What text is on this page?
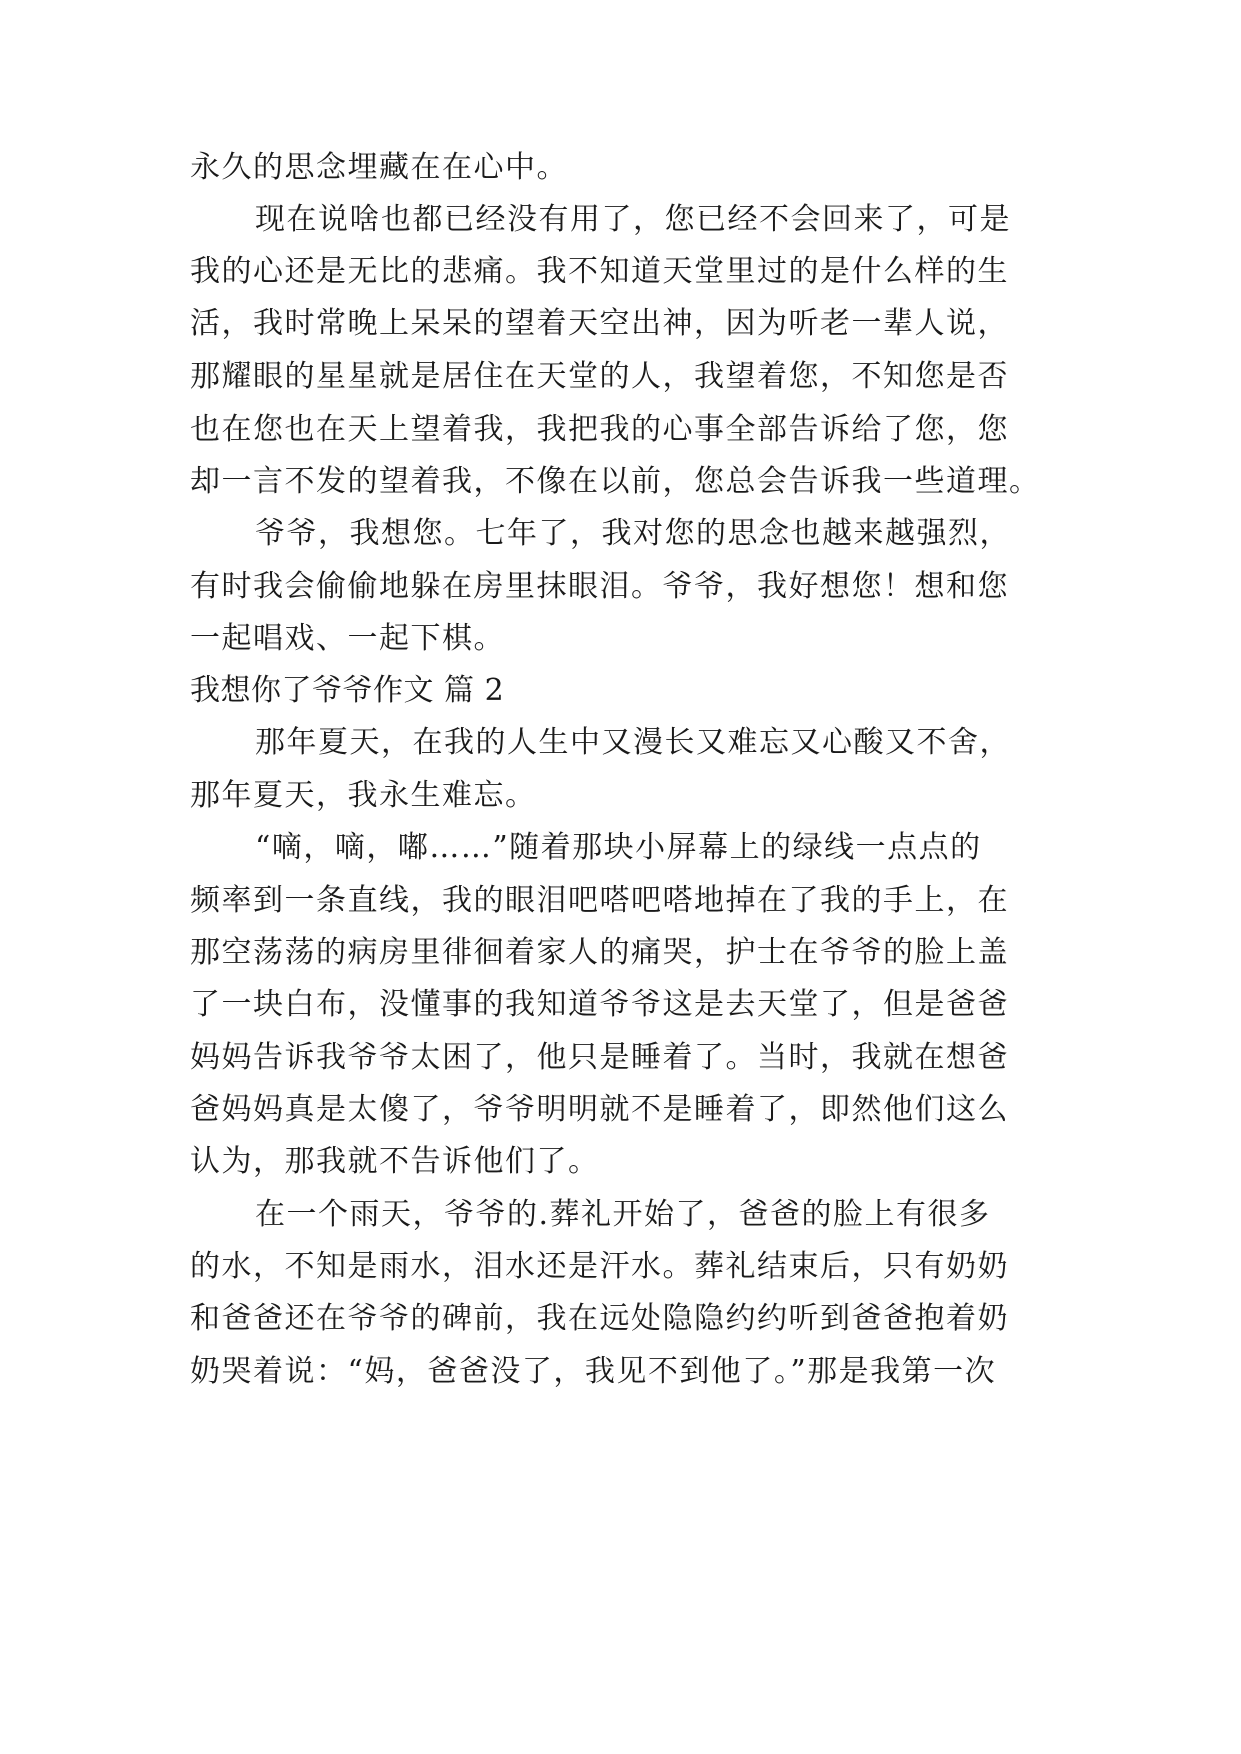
永久的思念埋藏在在心中。
现在说啥也都已经没有用了，您已经不会回来了，可是
我的心还是无比的悲痛。我不知道天堂里过的是什么样的生
活，我时常晚上呆呆的望着天空出神，因为听老一辈人说，
那耀眼的星星就是居住在天堂的人，我望着您，不知您是否
也在您也在天上望着我，我把我的心事全部告诉给了您，您
却一言不发的望着我，不像在以前，您总会告诉我一些道理。
爷爷，我想您。七年了，我对您的思念也越来越强烈，
有时我会偷偷地躲在房里抹眼泪。爷爷，我好想您！想和您
一起唱戏、一起下棋。
我想你了爷爷作文 篇 2
那年夏天，在我的人生中又漫长又难忘又心酸又不舍，
那年夏天，我永生难忘。
“嘀，嘀，嘟……”随着那块小屏幕上的绿线一点点的
频率到一条直线，我的眼泪吧嗒吧嗒地掉在了我的手上，在
那空荡荡的病房里徘徊着家人的痛哭，护士在爷爷的脸上盖
了一块白布，没懂事的我知道爷爷这是去天堂了，但是爸爸
妈妈告诉我爷爷太困了，他只是睡着了。当时，我就在想爸
爸妈妈真是太傻了，爷爷明明就不是睡着了，即然他们这么
认为，那我就不告诉他们了。
在一个雨天，爷爷的.葬礼开始了，爸爸的脸上有很多
的水，不知是雨水，泪水还是汗水。葬礼结束后，只有奶奶
和爸爸还在爷爷的碑前，我在远处隐隐约约听到爸爸抱着奶
奶哭着说：“妈，爸爸没了，我见不到他了。”那是我第一次
